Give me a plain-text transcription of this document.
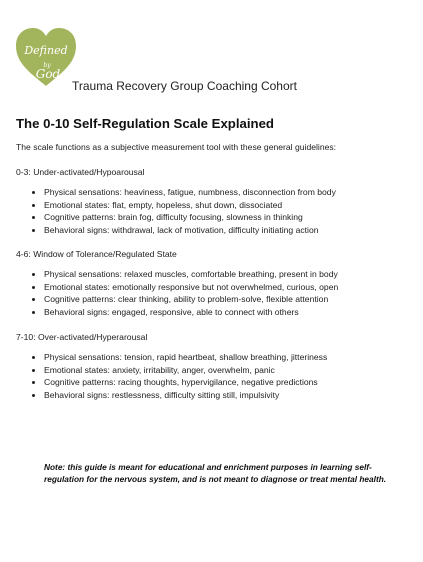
Defined
by
God
Trauma Recovery Group Coaching Cohort
The 0-10 Self-Regulation Scale Explained

The scale functions as a subjective measurement tool with these general guidelines:

0-3: Under-activated/Hypoarousal

Physical sensations: heaviness, fatigue, numbness, disconnection from body
Emotional states: flat, empty, hopeless, shut down, dissociated
Cognitive patterns: brain fog, difficulty focusing, slowness in thinking
Behavioral signs: withdrawal, lack of motivation, difficulty initiating action

4-6: Window of Tolerance/Regulated State

Physical sensations: relaxed muscles, comfortable breathing, present in body
Emotional states: emotionally responsive but not overwhelmed, curious, open
Cognitive patterns: clear thinking, ability to problem-solve, flexible attention
Behavioral signs: engaged, responsive, able to connect with others

7-10: Over-activated/Hyperarousal

Physical sensations: tension, rapid heartbeat, shallow breathing, jitteriness
Emotional states: anxiety, irritability, anger, overwhelm, panic
Cognitive patterns: racing thoughts, hypervigilance, negative predictions
Behavioral signs: restlessness, difficulty sitting still, impulsivity

Note: this guide is meant for educational and enrichment purposes in learning self-regulation for the nervous system, and is not meant to diagnose or treat mental health.
